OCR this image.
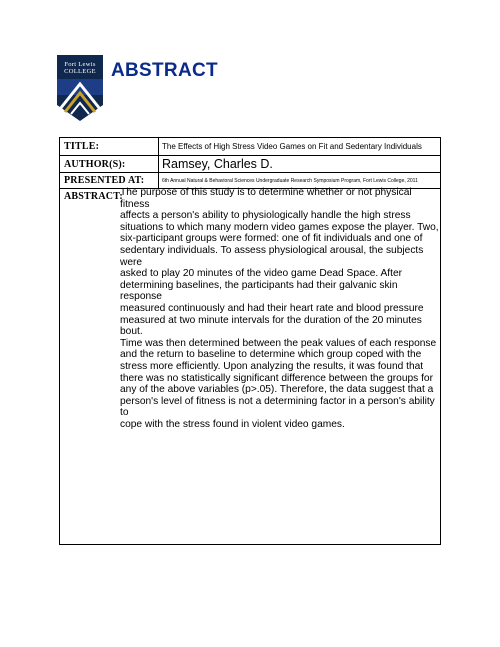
Fort Lewis
COLLEGE ABSTRACT
TITLE:	The Effects of High Stress Video Games on Fit and Sedentary Individuals
AUTHOR(S):	Ramsey, Charles D.
PRESENTED AT:	6th Annual Natural & Behavioral Sciences Undergraduate Research Symposium Program, Fort Lewis College, 2011
ABSTRACT:

The purpose of this study is to determine whether or not physical fitness
affects a person's ability to physiologically handle the high stress
situations to which many modern video games expose the player. Two,
six-participant groups were formed: one of fit individuals and one of
sedentary individuals. To assess physiological arousal, the subjects were
asked to play 20 minutes of the video game Dead Space. After
determining baselines, the participants had their galvanic skin response
measured continuously and had their heart rate and blood pressure
measured at two minute intervals for the duration of the 20 minutes bout.
Time was then determined between the peak values of each response
and the return to baseline to determine which group coped with the
stress more efficiently. Upon analyzing the results, it was found that
there was no statistically significant difference between the groups for
any of the above variables (p>.05). Therefore, the data suggest that a
person's level of fitness is not a determining factor in a person's ability to
cope with the stress found in violent video games.
